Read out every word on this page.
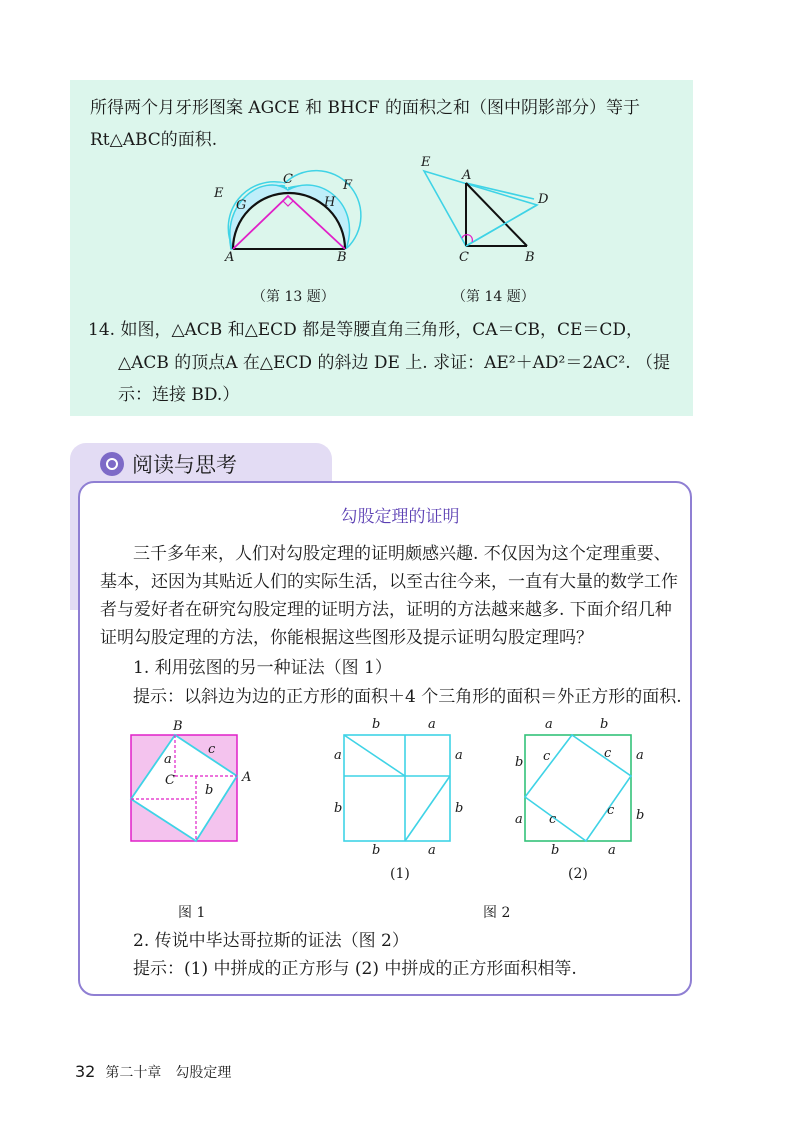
所得两个月牙形图案 AGCE 和 BHCF 的面积之和（图中阴影部分）等于
Rt△ABC的面积.
E
G
C
H
F
A	B
（第 13 题）
E
A
D
C	B
（第 14 题）
14. 如图，△ACB 和△ECD 都是等腰直角三角形，CA＝CB，CE＝CD，
△ACB 的顶点A 在△ECD 的斜边 DE 上. 求证：AE²＋AD²＝2AC². （提
示：连接 BD.）
阅读与思考
勾股定理的证明
三千多年来，人们对勾股定理的证明颇感兴趣. 不仅因为这个定理重要、
基本，还因为其贴近人们的实际生活，以至古往今来，一直有大量的数学工作
者与爱好者在研究勾股定理的证明方法，证明的方法越来越多. 下面介绍几种
证明勾股定理的方法，你能根据这些图形及提示证明勾股定理吗？
1. 利用弦图的另一种证法（图 1）
提示：以斜边为边的正方形的面积＋4 个三角形的面积＝外正方形的面积.
B
c
a
C	A
b
图 1
b	a
a	a
b	b
b	a
(1)
a	b
b c	c a
a c
c b
b	a
(2)
图 2
2. 传说中毕达哥拉斯的证法（图 2）
提示：(1) 中拼成的正方形与 (2) 中拼成的正方形面积相等.
32 第二十章　勾股定理
